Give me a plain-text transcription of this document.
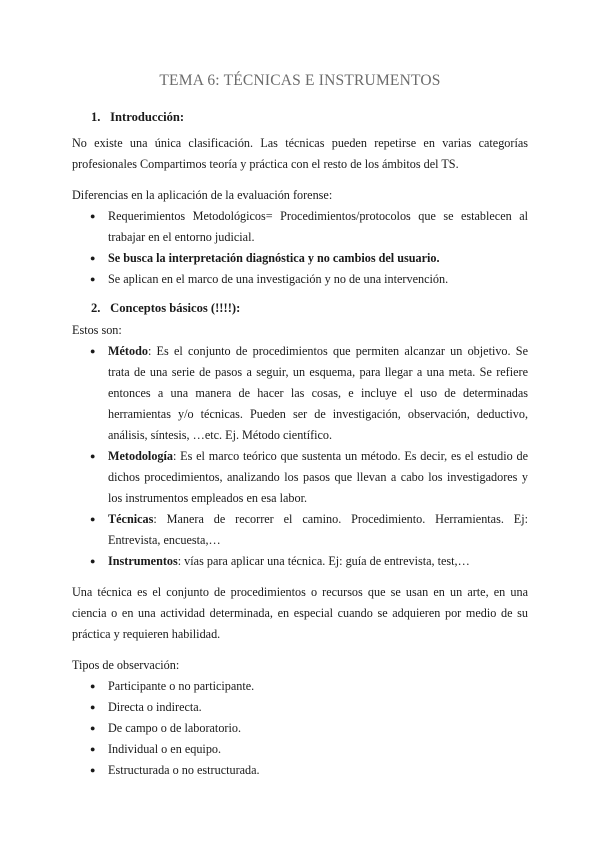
TEMA 6: TÉCNICAS E INSTRUMENTOS
1. Introducción:

No existe una única clasificación. Las técnicas pueden repetirse en varias categorías profesionales Compartimos teoría y práctica con el resto de los ámbitos del TS.

Diferencias en la aplicación de la evaluación forense:

● Requerimientos Metodológicos= Procedimientos/protocolos que se establecen al trabajar en el entorno judicial.
● Se busca la interpretación diagnóstica y no cambios del usuario.
● Se aplican en el marco de una investigación y no de una intervención.
2. Conceptos básicos (!!!!):

Estos son:

● Método: Es el conjunto de procedimientos que permiten alcanzar un objetivo. Se trata de una serie de pasos a seguir, un esquema, para llegar a una meta. Se refiere entonces a una manera de hacer las cosas, e incluye el uso de determinadas herramientas y/o técnicas. Pueden ser de investigación, observación, deductivo, análisis, síntesis, …etc. Ej. Método científico.
● Metodología: Es el marco teórico que sustenta un método. Es decir, es el estudio de dichos procedimientos, analizando los pasos que llevan a cabo los investigadores y los instrumentos empleados en esa labor.
● Técnicas: Manera de recorrer el camino. Procedimiento. Herramientas. Ej: Entrevista, encuesta,…
● Instrumentos: vías para aplicar una técnica. Ej: guía de entrevista, test,…

Una técnica es el conjunto de procedimientos o recursos que se usan en un arte, en una ciencia o en una actividad determinada, en especial cuando se adquieren por medio de su práctica y requieren habilidad.

Tipos de observación:

● Participante o no participante.
● Directa o indirecta.
● De campo o de laboratorio.
● Individual o en equipo.
● Estructurada o no estructurada.
